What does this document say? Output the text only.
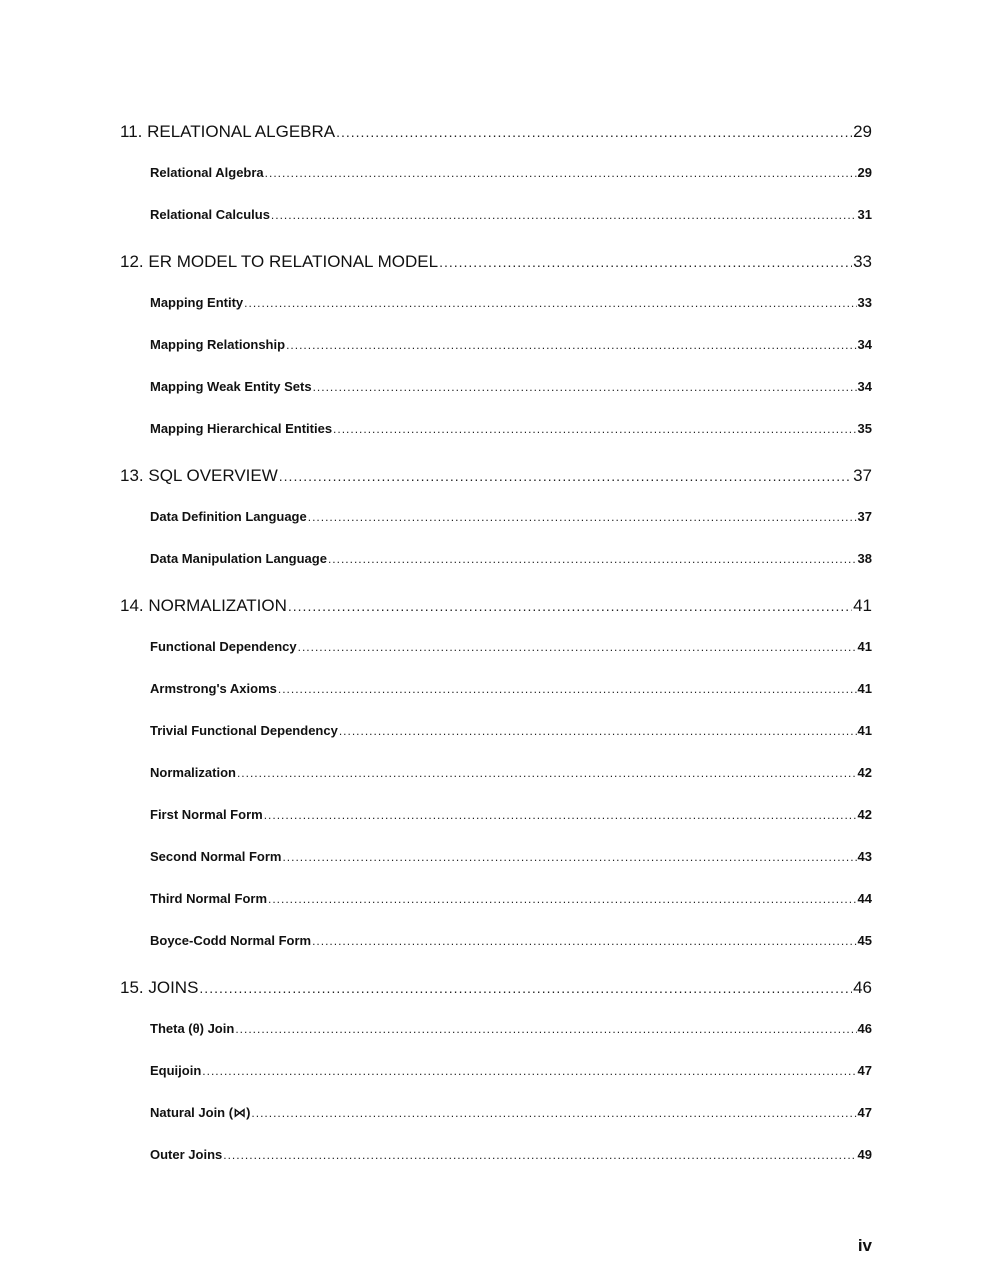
11. RELATIONAL ALGEBRA .....	29
Relational Algebra .....	29
Relational Calculus .....	31
12. ER MODEL TO RELATIONAL MODEL .....	33
Mapping Entity .....	33
Mapping Relationship .....	34
Mapping Weak Entity Sets .....	34
Mapping Hierarchical Entities .....	35
13. SQL OVERVIEW .....	37
Data Definition Language .....	37
Data Manipulation Language .....	38
14. NORMALIZATION .....	41
Functional Dependency .....	41
Armstrong's Axioms .....	41
Trivial Functional Dependency .....	41
Normalization .....	42
First Normal Form .....	42
Second Normal Form .....	43
Third Normal Form .....	44
Boyce-Codd Normal Form .....	45
15. JOINS .....	46
Theta (θ) Join .....	46
Equijoin .....	47
Natural Join (⋈) .....	47
Outer Joins .....	49
iv
